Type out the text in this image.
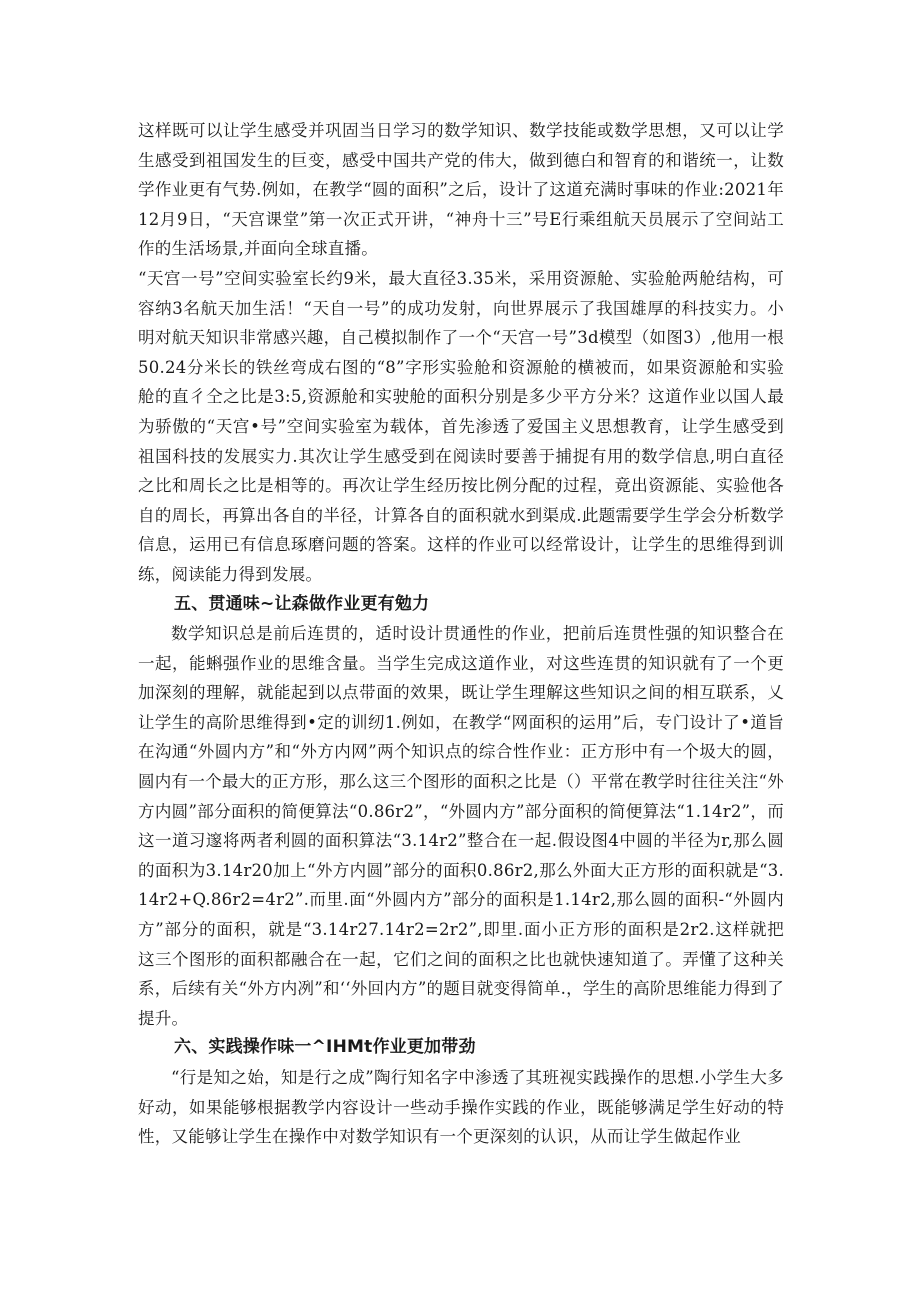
这样既可以让学生感受并巩固当日学习的数学知识、数学技能或数学思想，又可以让学生感受到祖国发生的巨变，感受中国共产党的伟大，做到德白和智育的和谐统一，让数学作业更有气势.例如，在教学“圆的面积”之后，设计了这道充满时事味的作业:2021年12月9日，“天宫课堂”第一次正式开讲，“神舟十三”号E行乘组航天员展示了空间站工作的生活场景,并面向全球直播。

“天宫一号”空间实验室长约9米，最大直径3.35米，采用资源舱、实验舱两舱结构，可容纳3名航天加生活！“天自一号”的成功发射，向世界展示了我国雄厚的科技实力。小明对航天知识非常感兴趣，自己模拟制作了一个“天宫一号”3d模型（如图3）,他用一根50.24分米长的铁丝弯成右图的“8”字形实验舱和资源舱的横被而，如果资源舱和实验舱的直彳仝之比是3:5,资源舱和实驶舱的面积分别是多少平方分米？这道作业以国人最为骄傲的“天宫•号”空间实验室为载体，首先渗透了爱国主义思想教育，让学生感受到祖国科技的发展实力.其次让学生感受到在阅读时要善于捕捉有用的数学信息,明白直径之比和周长之比是相等的。再次让学生经历按比例分配的过程，竟出资源能、实验他各自的周长，再算出各自的半径，计算各自的面积就水到渠成.此题需要学生学会分析数学信息，运用已有信息琢磨问题的答案。这样的作业可以经常设计，让学生的思维得到训练，阅读能力得到发展。

五、贯通味~让森做作业更有勉力

数学知识总是前后连贯的，适时设计贯通性的作业，把前后连贯性强的知识整合在一起，能蝌强作业的思维含量。当学生完成这道作业，对这些连贯的知识就有了一个更加深刻的理解，就能起到以点带面的效果，既让学生理解这些知识之间的相互联系，乂让学生的高阶思维得到•定的训纫1.例如，在教学“网面积的运用”后，专门设计了•道旨在沟通“外圆内方”和“外方内网”两个知识点的综合性作业：正方形中有一个圾大的圆，圆内有一个最大的正方形，那么这三个图形的面积之比是（）平常在教学时往往关注“外方内圆”部分面积的简便算法“0.86r2”，“外圆内方”部分面积的简便算法“1.14r2”，而这一道习邃将两者利圆的面积算法“3.14r2”整合在一起.假设图4中圆的半径为r,那么圆的面积为3.14r20加上“外方内圆”部分的面积0.86r2,那么外面大正方形的面积就是“3.14r2+Q.86r2=4r2”.而里.面“外圆内方”部分的面积是1.14r2,那么圆的面积-“外圆内方”部分的面积，就是“3.14r27.14r2=2r2”,即里.面小正方形的面积是2r2.这样就把这三个图形的面积都融合在一起，它们之间的面积之比也就快速知道了。弄懂了这种关系，后续有关“外方内冽”和‘‘外回内方”的题目就变得简单.，学生的高阶思维能力得到了提升。

六、实践操作味一^IHMt作业更加带劲

“行是知之始，知是行之成”陶行知名字中渗透了其班视实践操作的思想.小学生大多好动，如果能够根据教学内容设计一些动手操作实践的作业，既能够满足学生好动的特性，又能够让学生在操作中对数学知识有一个更深刻的认识，从而让学生做起作业
